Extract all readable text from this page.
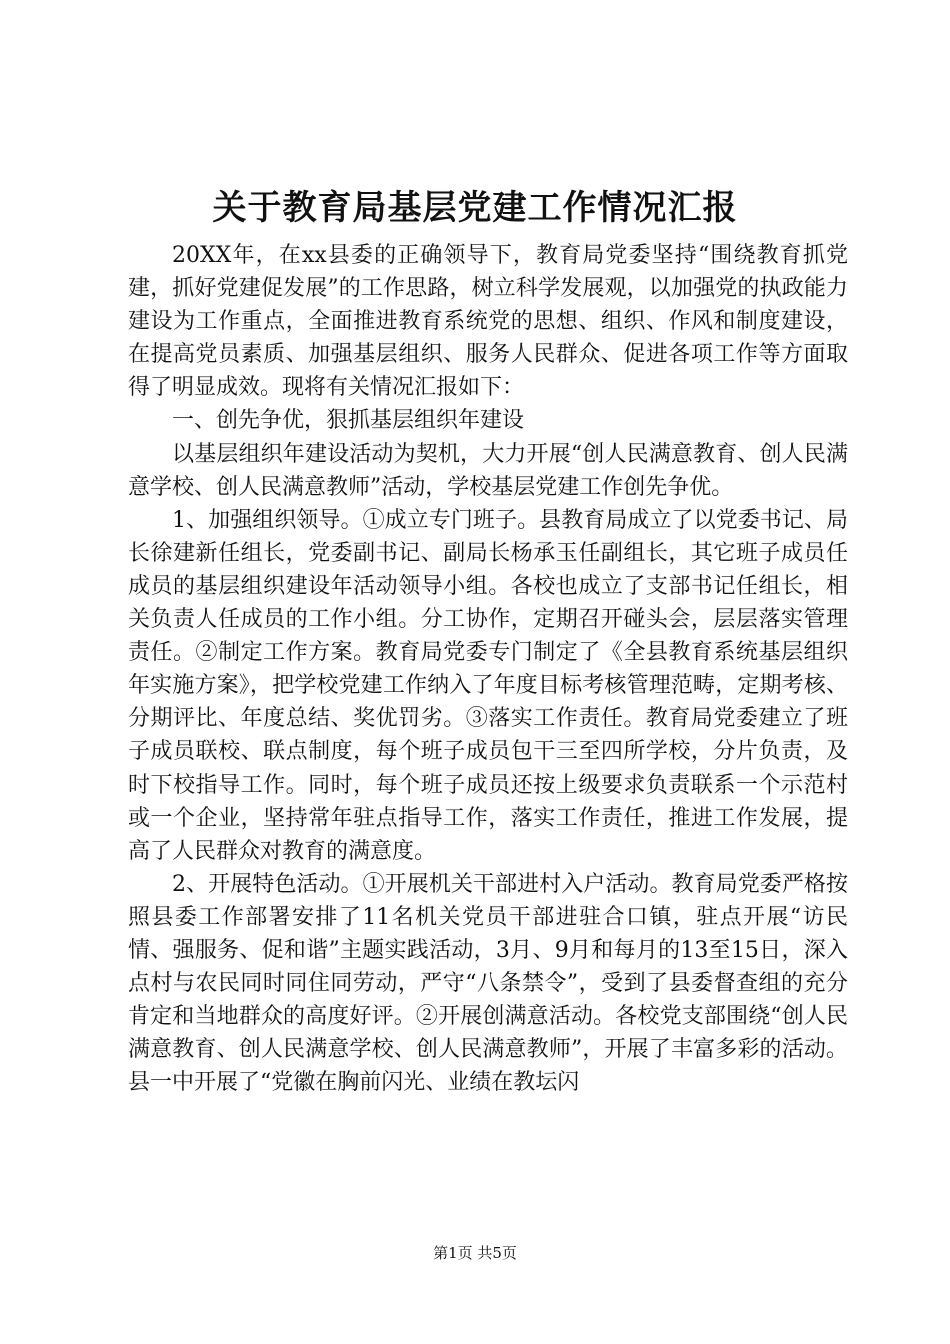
关于教育局基层党建工作情况汇报

20XX年，在xx县委的正确领导下，教育局党委坚持“围绕教育抓党建，抓好党建促发展”的工作思路，树立科学发展观，以加强党的执政能力建设为工作重点，全面推进教育系统党的思想、组织、作风和制度建设，在提高党员素质、加强基层组织、服务人民群众、促进各项工作等方面取得了明显成效。现将有关情况汇报如下：

一、创先争优，狠抓基层组织年建设

以基层组织年建设活动为契机，大力开展“创人民满意教育、创人民满意学校、创人民满意教师”活动，学校基层党建工作创先争优。

1、加强组织领导。①成立专门班子。县教育局成立了以党委书记、局长徐建新任组长，党委副书记、副局长杨承玉任副组长，其它班子成员任成员的基层组织建设年活动领导小组。各校也成立了支部书记任组长，相关负责人任成员的工作小组。分工协作，定期召开碰头会，层层落实管理责任。②制定工作方案。教育局党委专门制定了《全县教育系统基层组织年实施方案》，把学校党建工作纳入了年度目标考核管理范畴，定期考核、分期评比、年度总结、奖优罚劣。③落实工作责任。教育局党委建立了班子成员联校、联点制度，每个班子成员包干三至四所学校，分片负责，及时下校指导工作。同时，每个班子成员还按上级要求负责联系一个示范村或一个企业，坚持常年驻点指导工作，落实工作责任，推进工作发展，提高了人民群众对教育的满意度。

2、开展特色活动。①开展机关干部进村入户活动。教育局党委严格按照县委工作部署安排了11名机关党员干部进驻合口镇，驻点开展“访民情、强服务、促和谐”主题实践活动，3月、9月和每月的13至15日，深入点村与农民同时同住同劳动，严守“八条禁令”，受到了县委督查组的充分肯定和当地群众的高度好评。②开展创满意活动。各校党支部围绕“创人民满意教育、创人民满意学校、创人民满意教师”，开展了丰富多彩的活动。县一中开展了“党徽在胸前闪光、业绩在教坛闪

第1页 共5页
